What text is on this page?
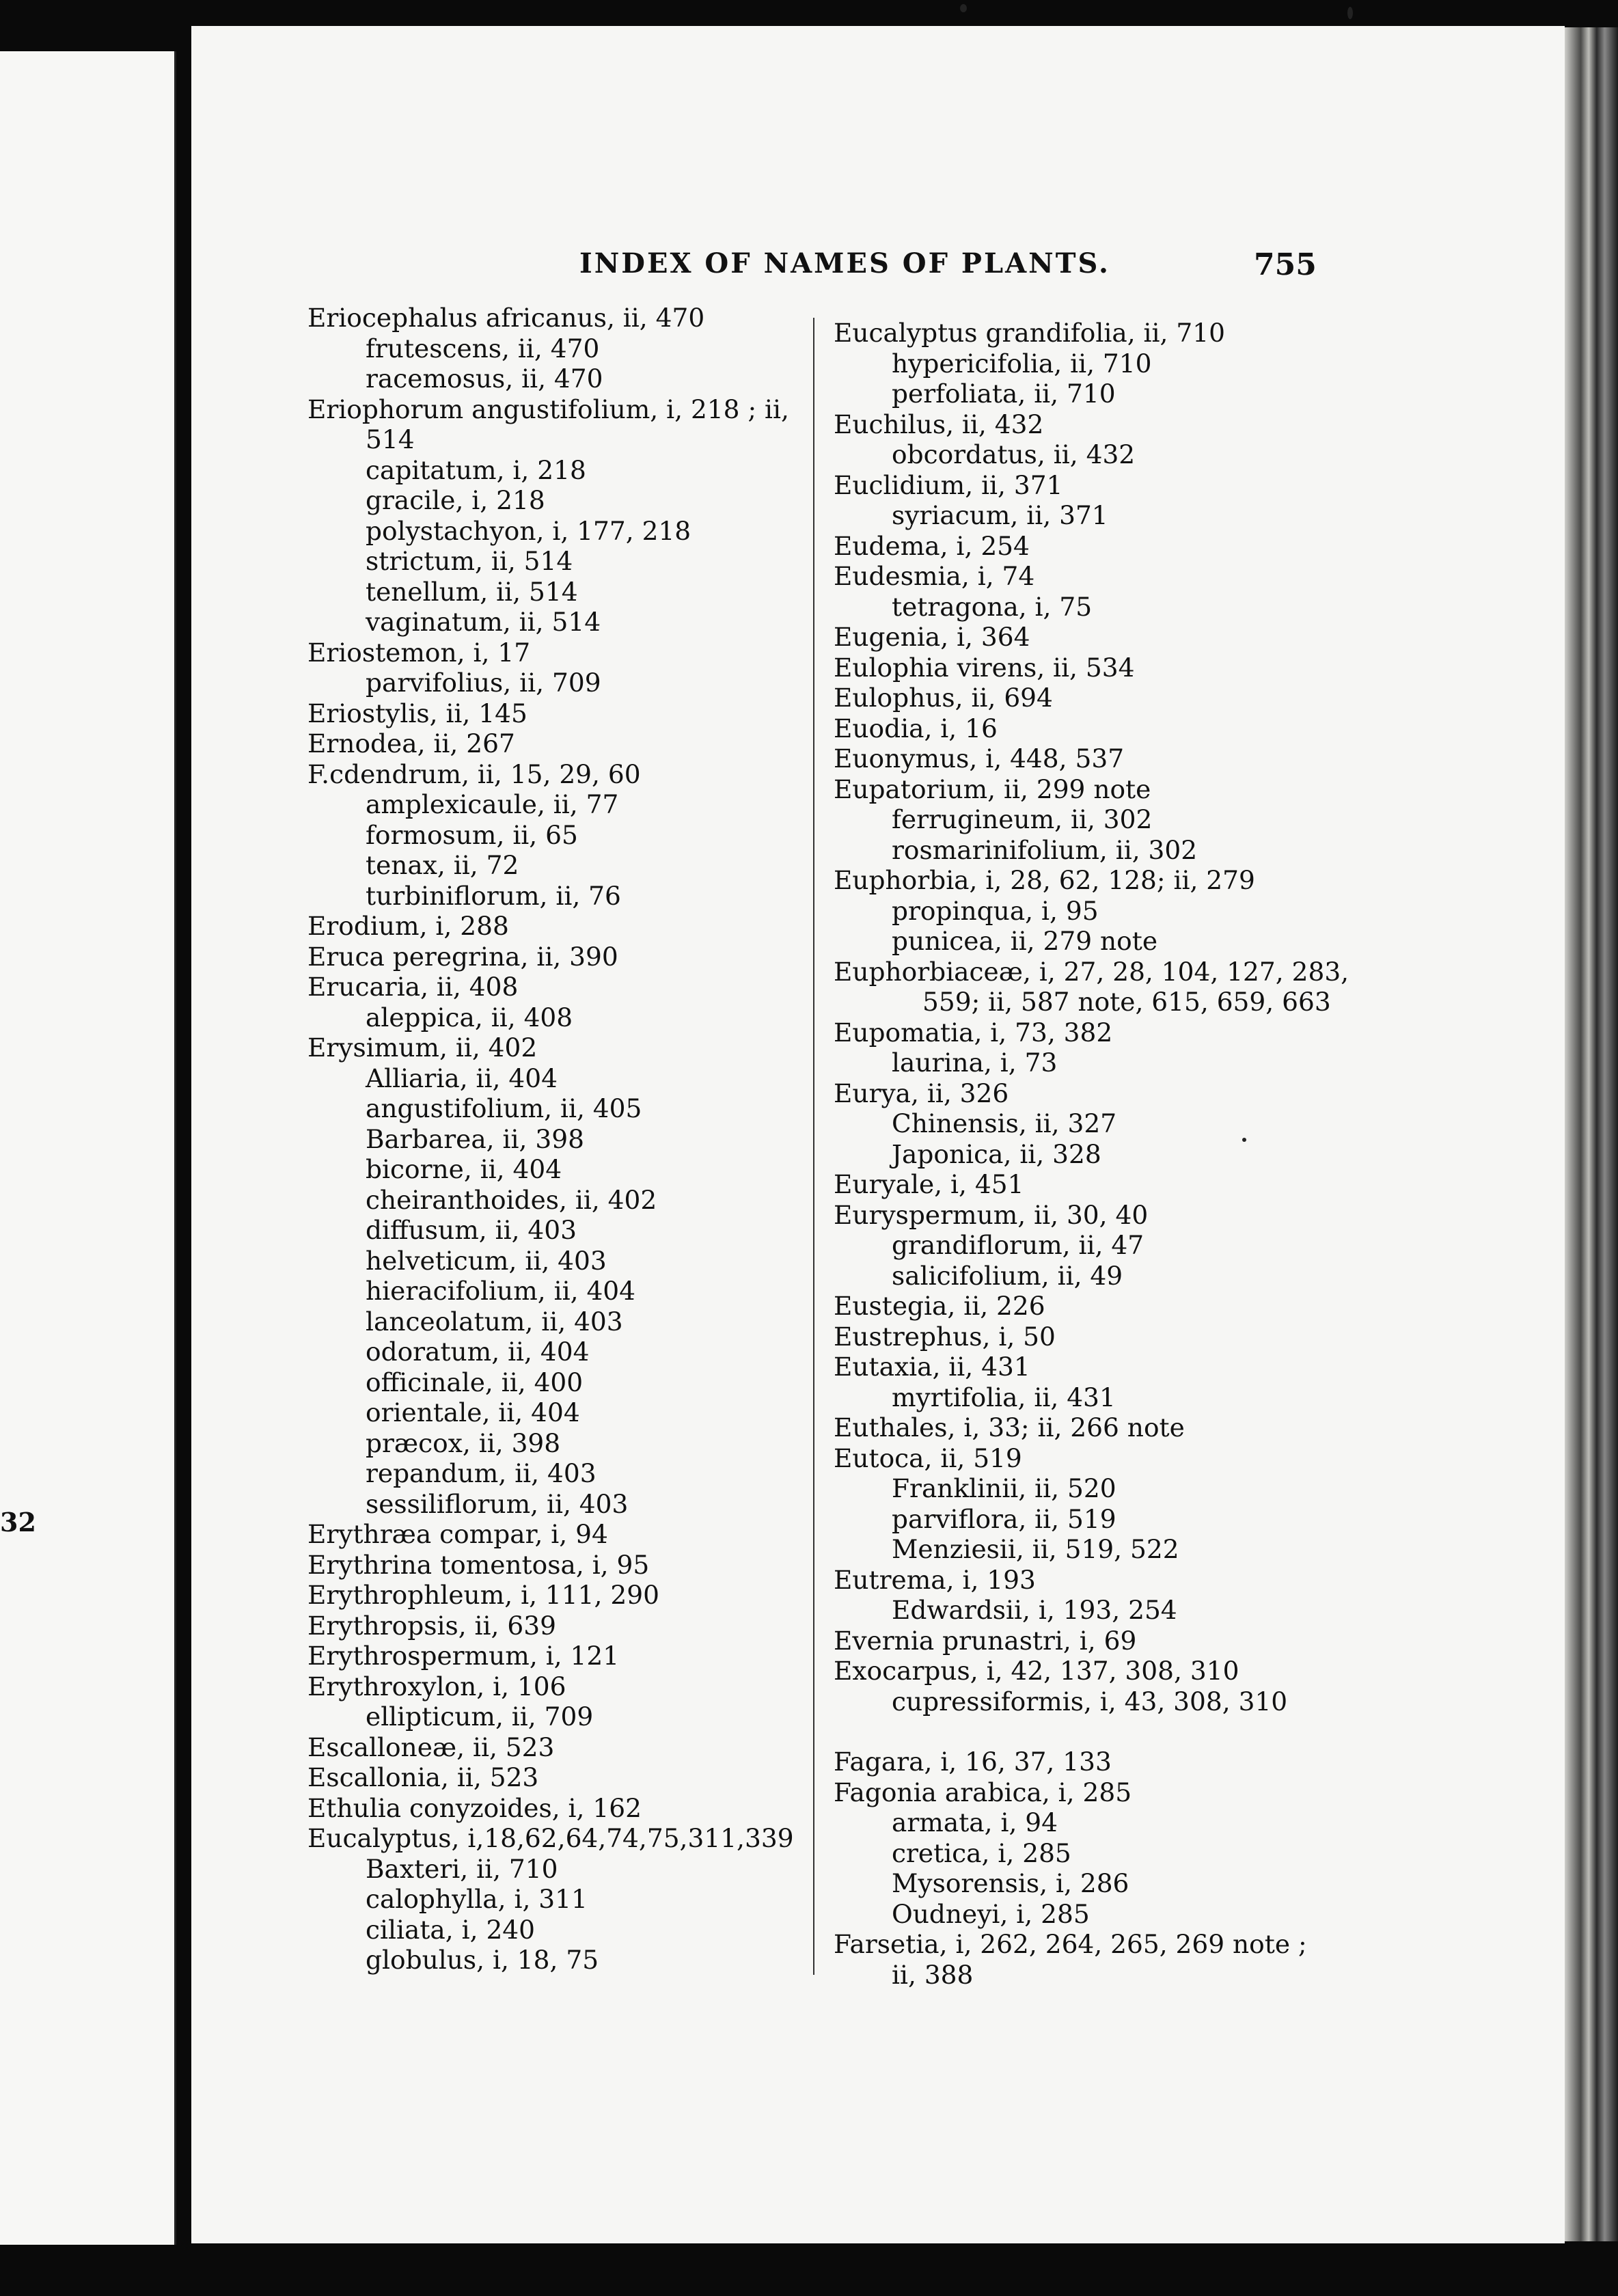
32
INDEX OF NAMES OF PLANTS.	755
Eriocephalus africanus, ii, 470
frutescens, ii, 470
racemosus, ii, 470
Eriophorum angustifolium, i, 218 ; ii,
514
capitatum, i, 218
gracile, i, 218
polystachyon, i, 177, 218
strictum, ii, 514
tenellum, ii, 514
vaginatum, ii, 514
Eriostemon, i, 17
parvifolius, ii, 709
Eriostylis, ii, 145
Ernodea, ii, 267
F.cdendrum, ii, 15, 29, 60
amplexicaule, ii, 77
formosum, ii, 65
tenax, ii, 72
turbiniflorum, ii, 76
Erodium, i, 288
Eruca peregrina, ii, 390
Erucaria, ii, 408
aleppica, ii, 408
Erysimum, ii, 402
Alliaria, ii, 404
angustifolium, ii, 405
Barbarea, ii, 398
bicorne, ii, 404
cheiranthoides, ii, 402
diffusum, ii, 403
helveticum, ii, 403
hieracifolium, ii, 404
lanceolatum, ii, 403
odoratum, ii, 404
officinale, ii, 400
orientale, ii, 404
præcox, ii, 398
repandum, ii, 403
sessiliflorum, ii, 403
Erythræa compar, i, 94
Erythrina tomentosa, i, 95
Erythrophleum, i, 111, 290
Erythropsis, ii, 639
Erythrospermum, i, 121
Erythroxylon, i, 106
ellipticum, ii, 709
Escalloneæ, ii, 523
Escallonia, ii, 523
Ethulia conyzoides, i, 162
Eucalyptus, i,18,62,64,74,75,311,339
Baxteri, ii, 710
calophylla, i, 311
ciliata, i, 240
globulus, i, 18, 75
Eucalyptus grandifolia, ii, 710
hypericifolia, ii, 710
perfoliata, ii, 710
Euchilus, ii, 432
obcordatus, ii, 432
Euclidium, ii, 371
syriacum, ii, 371
Eudema, i, 254
Eudesmia, i, 74
tetragona, i, 75
Eugenia, i, 364
Eulophia virens, ii, 534
Eulophus, ii, 694
Euodia, i, 16
Euonymus, i, 448, 537
Eupatorium, ii, 299 note
ferrugineum, ii, 302
rosmarinifolium, ii, 302
Euphorbia, i, 28, 62, 128; ii, 279
propinqua, i, 95
punicea, ii, 279 note
Euphorbiaceæ, i, 27, 28, 104, 127, 283,
559; ii, 587 note, 615, 659, 663
Eupomatia, i, 73, 382
laurina, i, 73
Eurya, ii, 326
Chinensis, ii, 327
Japonica, ii, 328
Euryale, i, 451
Euryspermum, ii, 30, 40
grandiflorum, ii, 47
salicifolium, ii, 49
Eustegia, ii, 226
Eustrephus, i, 50
Eutaxia, ii, 431
myrtifolia, ii, 431
Euthales, i, 33; ii, 266 note
Eutoca, ii, 519
Franklinii, ii, 520
parviflora, ii, 519
Menziesii, ii, 519, 522
Eutrema, i, 193
Edwardsii, i, 193, 254
Evernia prunastri, i, 69
Exocarpus, i, 42, 137, 308, 310
cupressiformis, i, 43, 308, 310
Fagara, i, 16, 37, 133
Fagonia arabica, i, 285
armata, i, 94
cretica, i, 285
Mysorensis, i, 286
Oudneyi, i, 285
Farsetia, i, 262, 264, 265, 269 note ;
ii, 388
